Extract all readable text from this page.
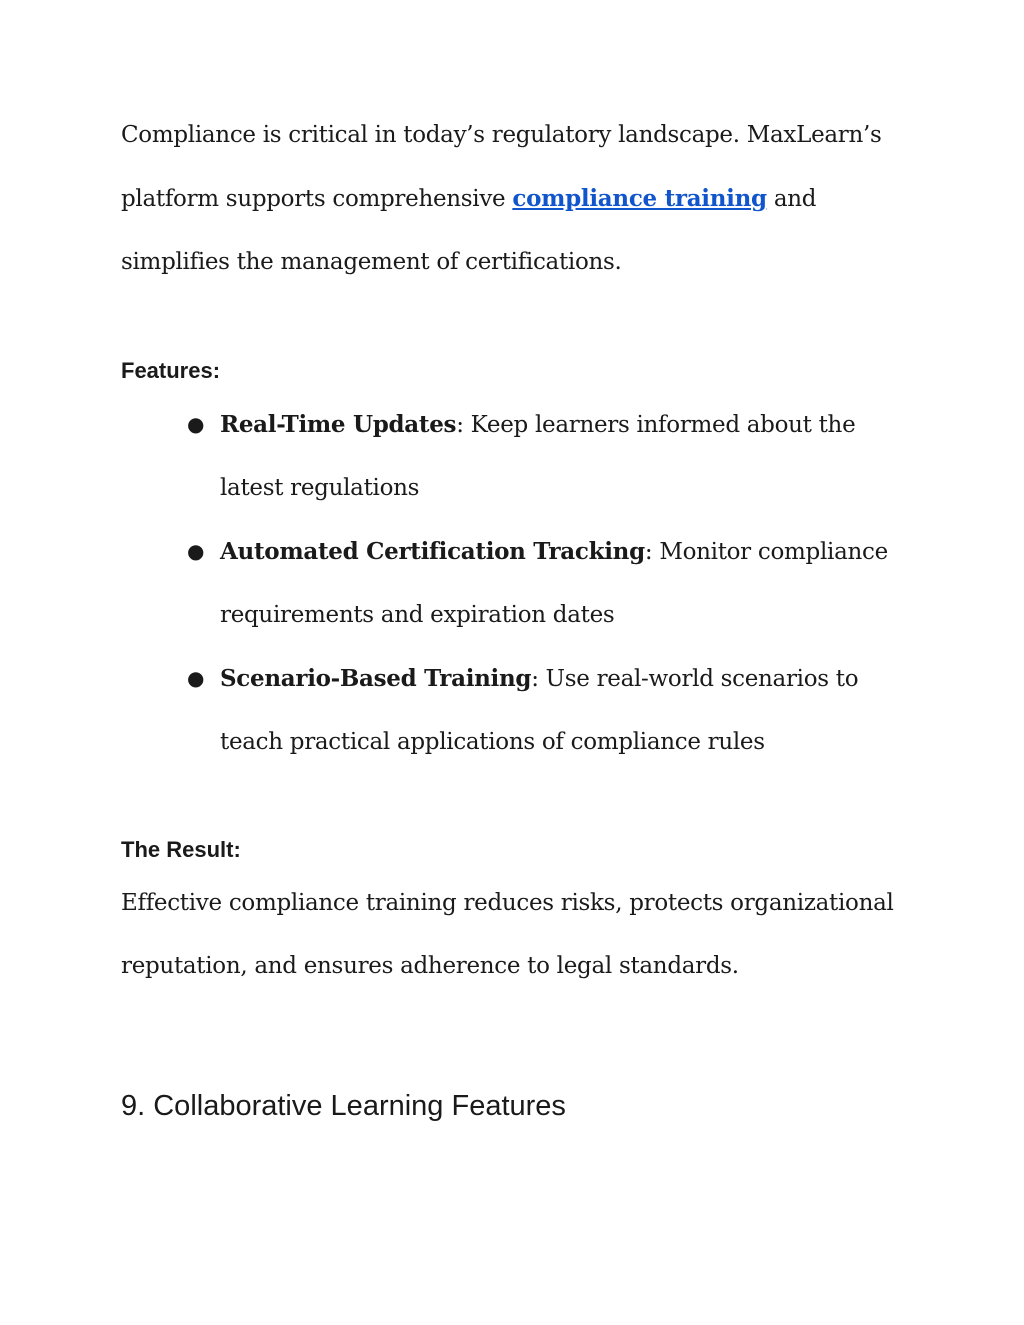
Compliance is critical in today’s regulatory landscape. MaxLearn’s platform supports comprehensive compliance training and simplifies the management of certifications.

Features:
● Real-Time Updates: Keep learners informed about the latest regulations
● Automated Certification Tracking: Monitor compliance requirements and expiration dates
● Scenario-Based Training: Use real-world scenarios to teach practical applications of compliance rules
The Result:

Effective compliance training reduces risks, protects organizational reputation, and ensures adherence to legal standards.

9. Collaborative Learning Features
